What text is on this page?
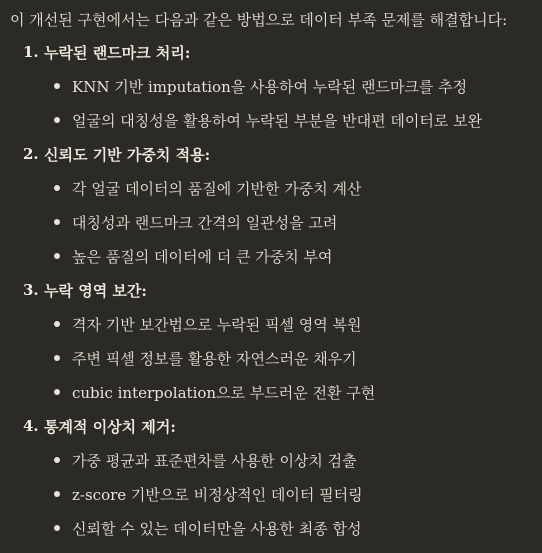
이 개선된 구현에서는 다음과 같은 방법으로 데이터 부족 문제를 해결합니다:

1. 누락된 랜드마크 처리:
KNN 기반 imputation을 사용하여 누락된 랜드마크를 추정
얼굴의 대칭성을 활용하여 누락된 부분을 반대편 데이터로 보완
2. 신뢰도 기반 가중치 적용:
각 얼굴 데이터의 품질에 기반한 가중치 계산
대칭성과 랜드마크 간격의 일관성을 고려
높은 품질의 데이터에 더 큰 가중치 부여
3. 누락 영역 보간:
격자 기반 보간법으로 누락된 픽셀 영역 복원
주변 픽셀 정보를 활용한 자연스러운 채우기
cubic interpolation으로 부드러운 전환 구현
4. 통계적 이상치 제거:
가중 평균과 표준편차를 사용한 이상치 검출
z-score 기반으로 비정상적인 데이터 필터링
신뢰할 수 있는 데이터만을 사용한 최종 합성
